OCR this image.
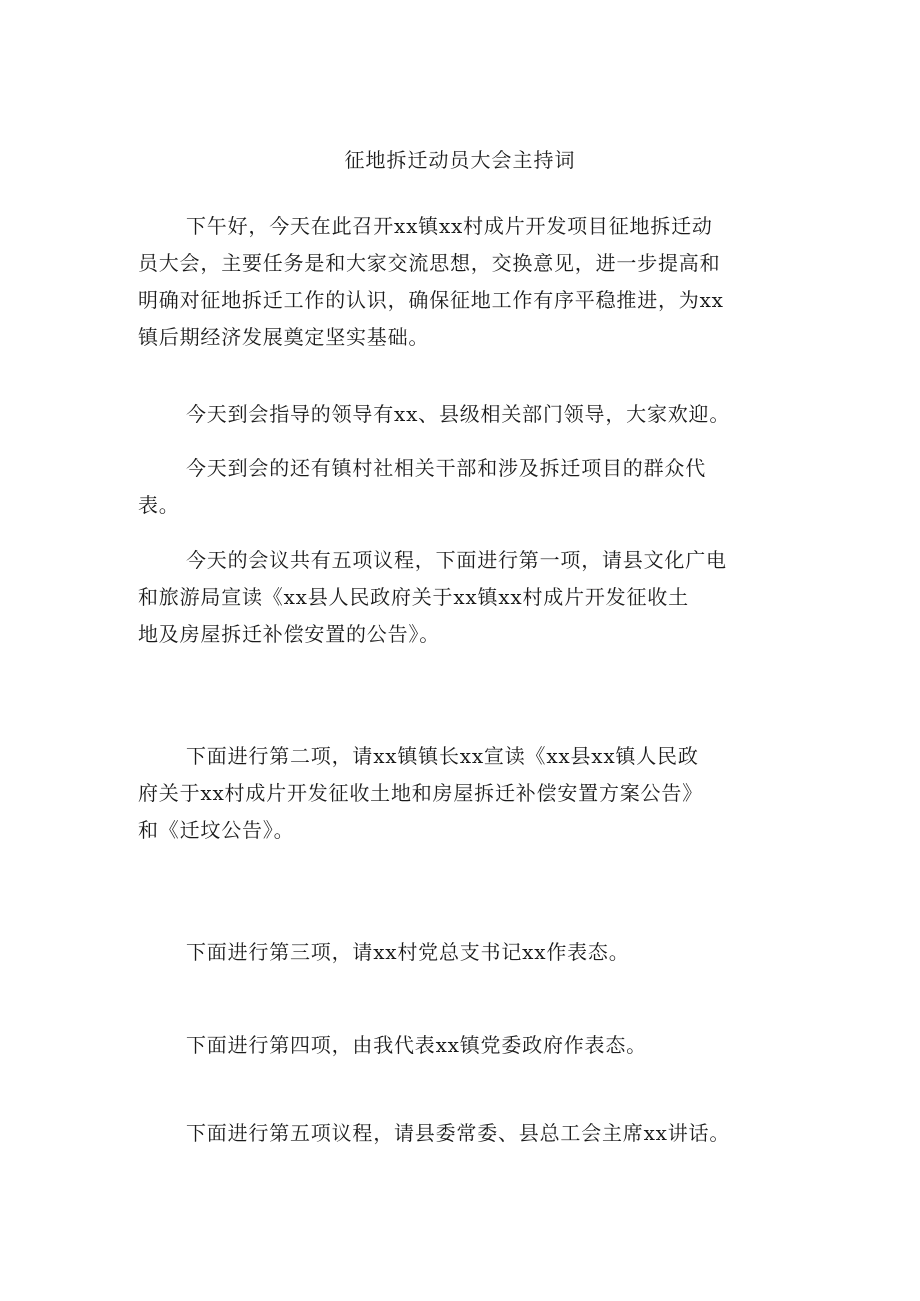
征地拆迁动员大会主持词
下午好，今天在此召开xx镇xx村成片开发项目征地拆迁动
员大会，主要任务是和大家交流思想，交换意见，进一步提高和
明确对征地拆迁工作的认识，确保征地工作有序平稳推进，为xx
镇后期经济发展奠定坚实基础。
今天到会指导的领导有xx、县级相关部门领导，大家欢迎。
今天到会的还有镇村社相关干部和涉及拆迁项目的群众代
表。
今天的会议共有五项议程，下面进行第一项，请县文化广电
和旅游局宣读《xx县人民政府关于xx镇xx村成片开发征收土
地及房屋拆迁补偿安置的公告》。
下面进行第二项，请xx镇镇长xx宣读《xx县xx镇人民政
府关于xx村成片开发征收土地和房屋拆迁补偿安置方案公告》
和《迁坟公告》。
下面进行第三项，请xx村党总支书记xx作表态。
下面进行第四项，由我代表xx镇党委政府作表态。
下面进行第五项议程，请县委常委、县总工会主席xx讲话。
